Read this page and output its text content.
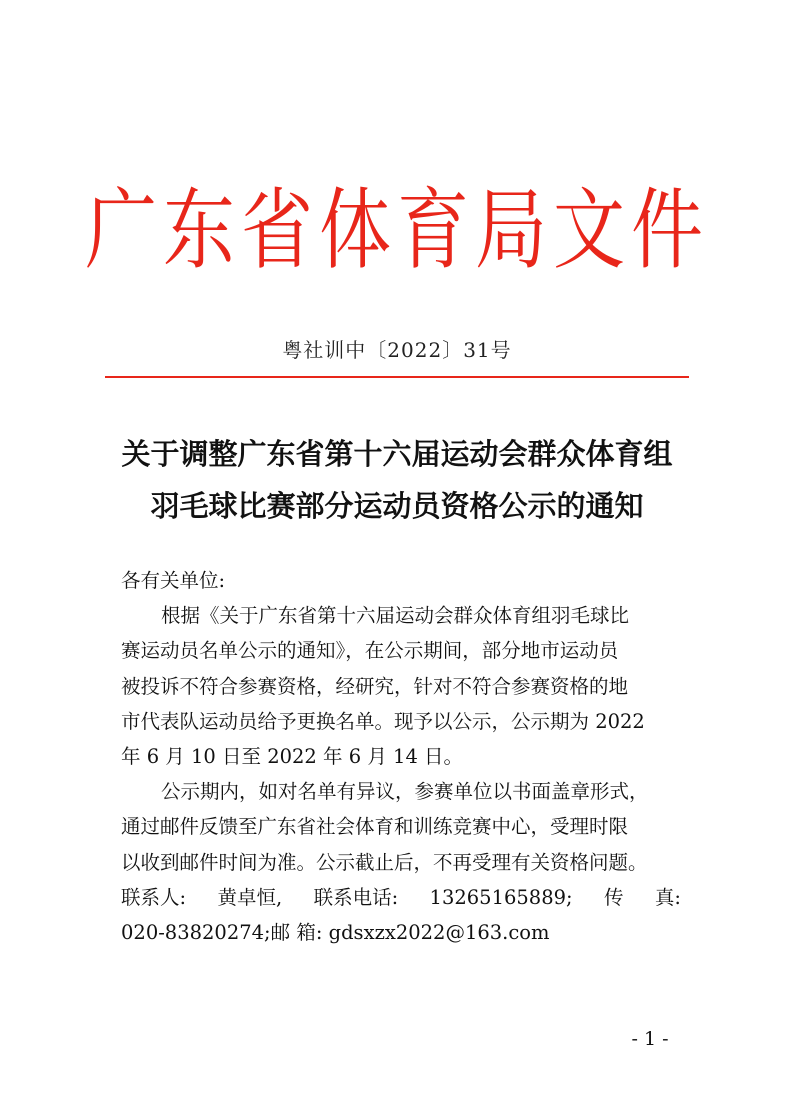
广东省体育局文件
粤社训中〔2022〕31号
关于调整广东省第十六届运动会群众体育组
羽毛球比赛部分运动员资格公示的通知
各有关单位:
根据《关于广东省第十六届运动会群众体育组羽毛球比
赛运动员名单公示的通知》，在公示期间，部分地市运动员
被投诉不符合参赛资格，经研究，针对不符合参赛资格的地
市代表队运动员给予更换名单。现予以公示，公示期为 2022
年 6 月 10 日至 2022 年 6 月 14 日。
公示期内，如对名单有异议，参赛单位以书面盖章形式，
通过邮件反馈至广东省社会体育和训练竞赛中心，受理时限
以收到邮件时间为准。公示截止后，不再受理有关资格问题。
联系人: 黄卓恒, 联系电话: 13265165889; 传 真:
020-83820274;邮 箱: gdsxzx2022@163.com
- 1 -
